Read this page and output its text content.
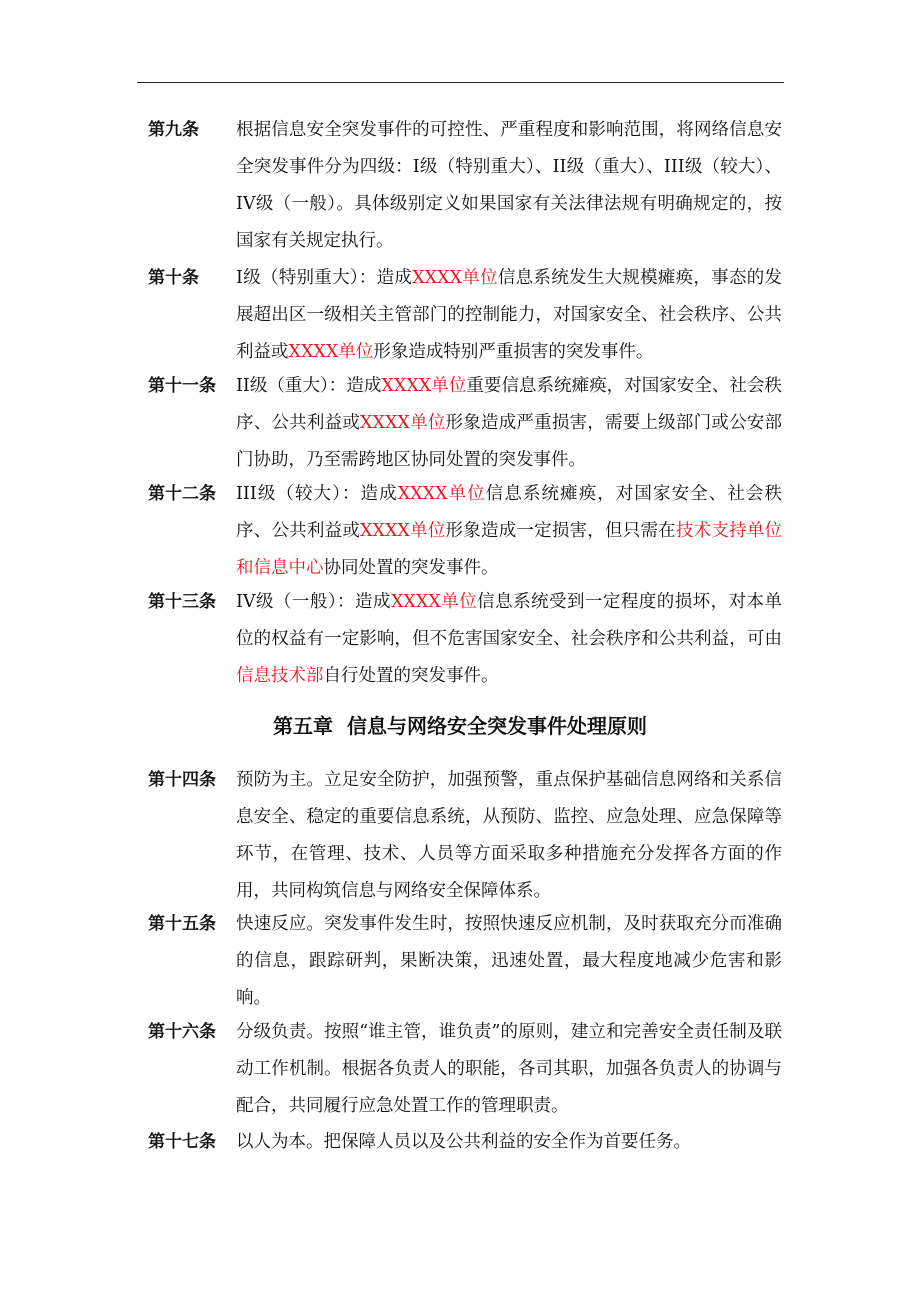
第九条 根据信息安全突发事件的可控性、严重程度和影响范围，将网络信息安全突发事件分为四级：I级（特别重大）、II级（重大）、III级（较大）、IV级（一般）。具体级别定义如果国家有关法律法规有明确规定的，按国家有关规定执行。
第十条 I级（特别重大）：造成XXXX单位信息系统发生大规模瘫痪，事态的发展超出区一级相关主管部门的控制能力，对国家安全、社会秩序、公共利益或XXXX单位形象造成特别严重损害的突发事件。
第十一条 II级（重大）：造成XXXX单位重要信息系统瘫痪，对国家安全、社会秩序、公共利益或XXXX单位形象造成严重损害，需要上级部门或公安部门协助，乃至需跨地区协同处置的突发事件。
第十二条 III级（较大）：造成XXXX单位信息系统瘫痪，对国家安全、社会秩序、公共利益或XXXX单位形象造成一定损害，但只需在技术支持单位和信息中心协同处置的突发事件。
第十三条 IV级（一般）：造成XXXX单位信息系统受到一定程度的损坏，对本单位的权益有一定影响，但不危害国家安全、社会秩序和公共利益，可由信息技术部自行处置的突发事件。
第五章  信息与网络安全突发事件处理原则
第十四条 预防为主。立足安全防护，加强预警，重点保护基础信息网络和关系信息安全、稳定的重要信息系统，从预防、监控、应急处理、应急保障等环节，在管理、技术、人员等方面采取多种措施充分发挥各方面的作用，共同构筑信息与网络安全保障体系。
第十五条 快速反应。突发事件发生时，按照快速反应机制，及时获取充分而准确的信息，跟踪研判，果断决策，迅速处置，最大程度地减少危害和影响。
第十六条 分级负责。按照“谁主管，谁负责”的原则，建立和完善安全责任制及联动工作机制。根据各负责人的职能，各司其职，加强各负责人的协调与配合，共同履行应急处置工作的管理职责。
第十七条 以人为本。把保障人员以及公共利益的安全作为首要任务。
